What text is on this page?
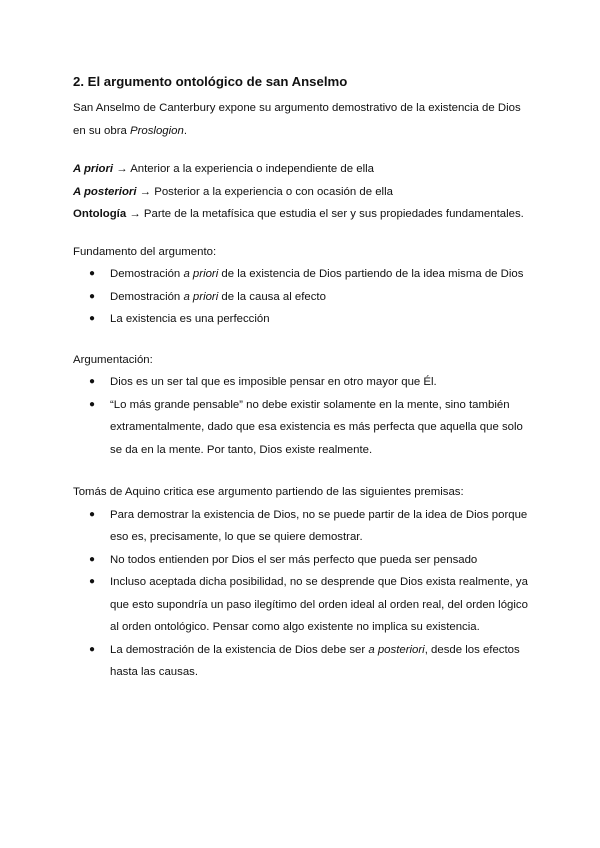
2. El argumento ontológico de san Anselmo

San Anselmo de Canterbury expone su argumento demostrativo de la existencia de Dios en su obra Proslogion.

A priori → Anterior a la experiencia o independiente de ella

A posteriori → Posterior a la experiencia o con ocasión de ella

Ontología → Parte de la metafísica que estudia el ser y sus propiedades fundamentales.

Fundamento del argumento:

● Demostración a priori de la existencia de Dios partiendo de la idea misma de Dios
● Demostración a priori de la causa al efecto
● La existencia es una perfección

Argumentación:

● Dios es un ser tal que es imposible pensar en otro mayor que Él.
● “Lo más grande pensable” no debe existir solamente en la mente, sino también extramentalmente, dado que esa existencia es más perfecta que aquella que solo se da en la mente. Por tanto, Dios existe realmente.

Tomás de Aquino critica ese argumento partiendo de las siguientes premisas:

● Para demostrar la existencia de Dios, no se puede partir de la idea de Dios porque eso es, precisamente, lo que se quiere demostrar.
● No todos entienden por Dios el ser más perfecto que pueda ser pensado
● Incluso aceptada dicha posibilidad, no se desprende que Dios exista realmente, ya que esto supondría un paso ilegítimo del orden ideal al orden real, del orden lógico al orden ontológico. Pensar como algo existente no implica su existencia.
● La demostración de la existencia de Dios debe ser a posteriori, desde los efectos hasta las causas.
